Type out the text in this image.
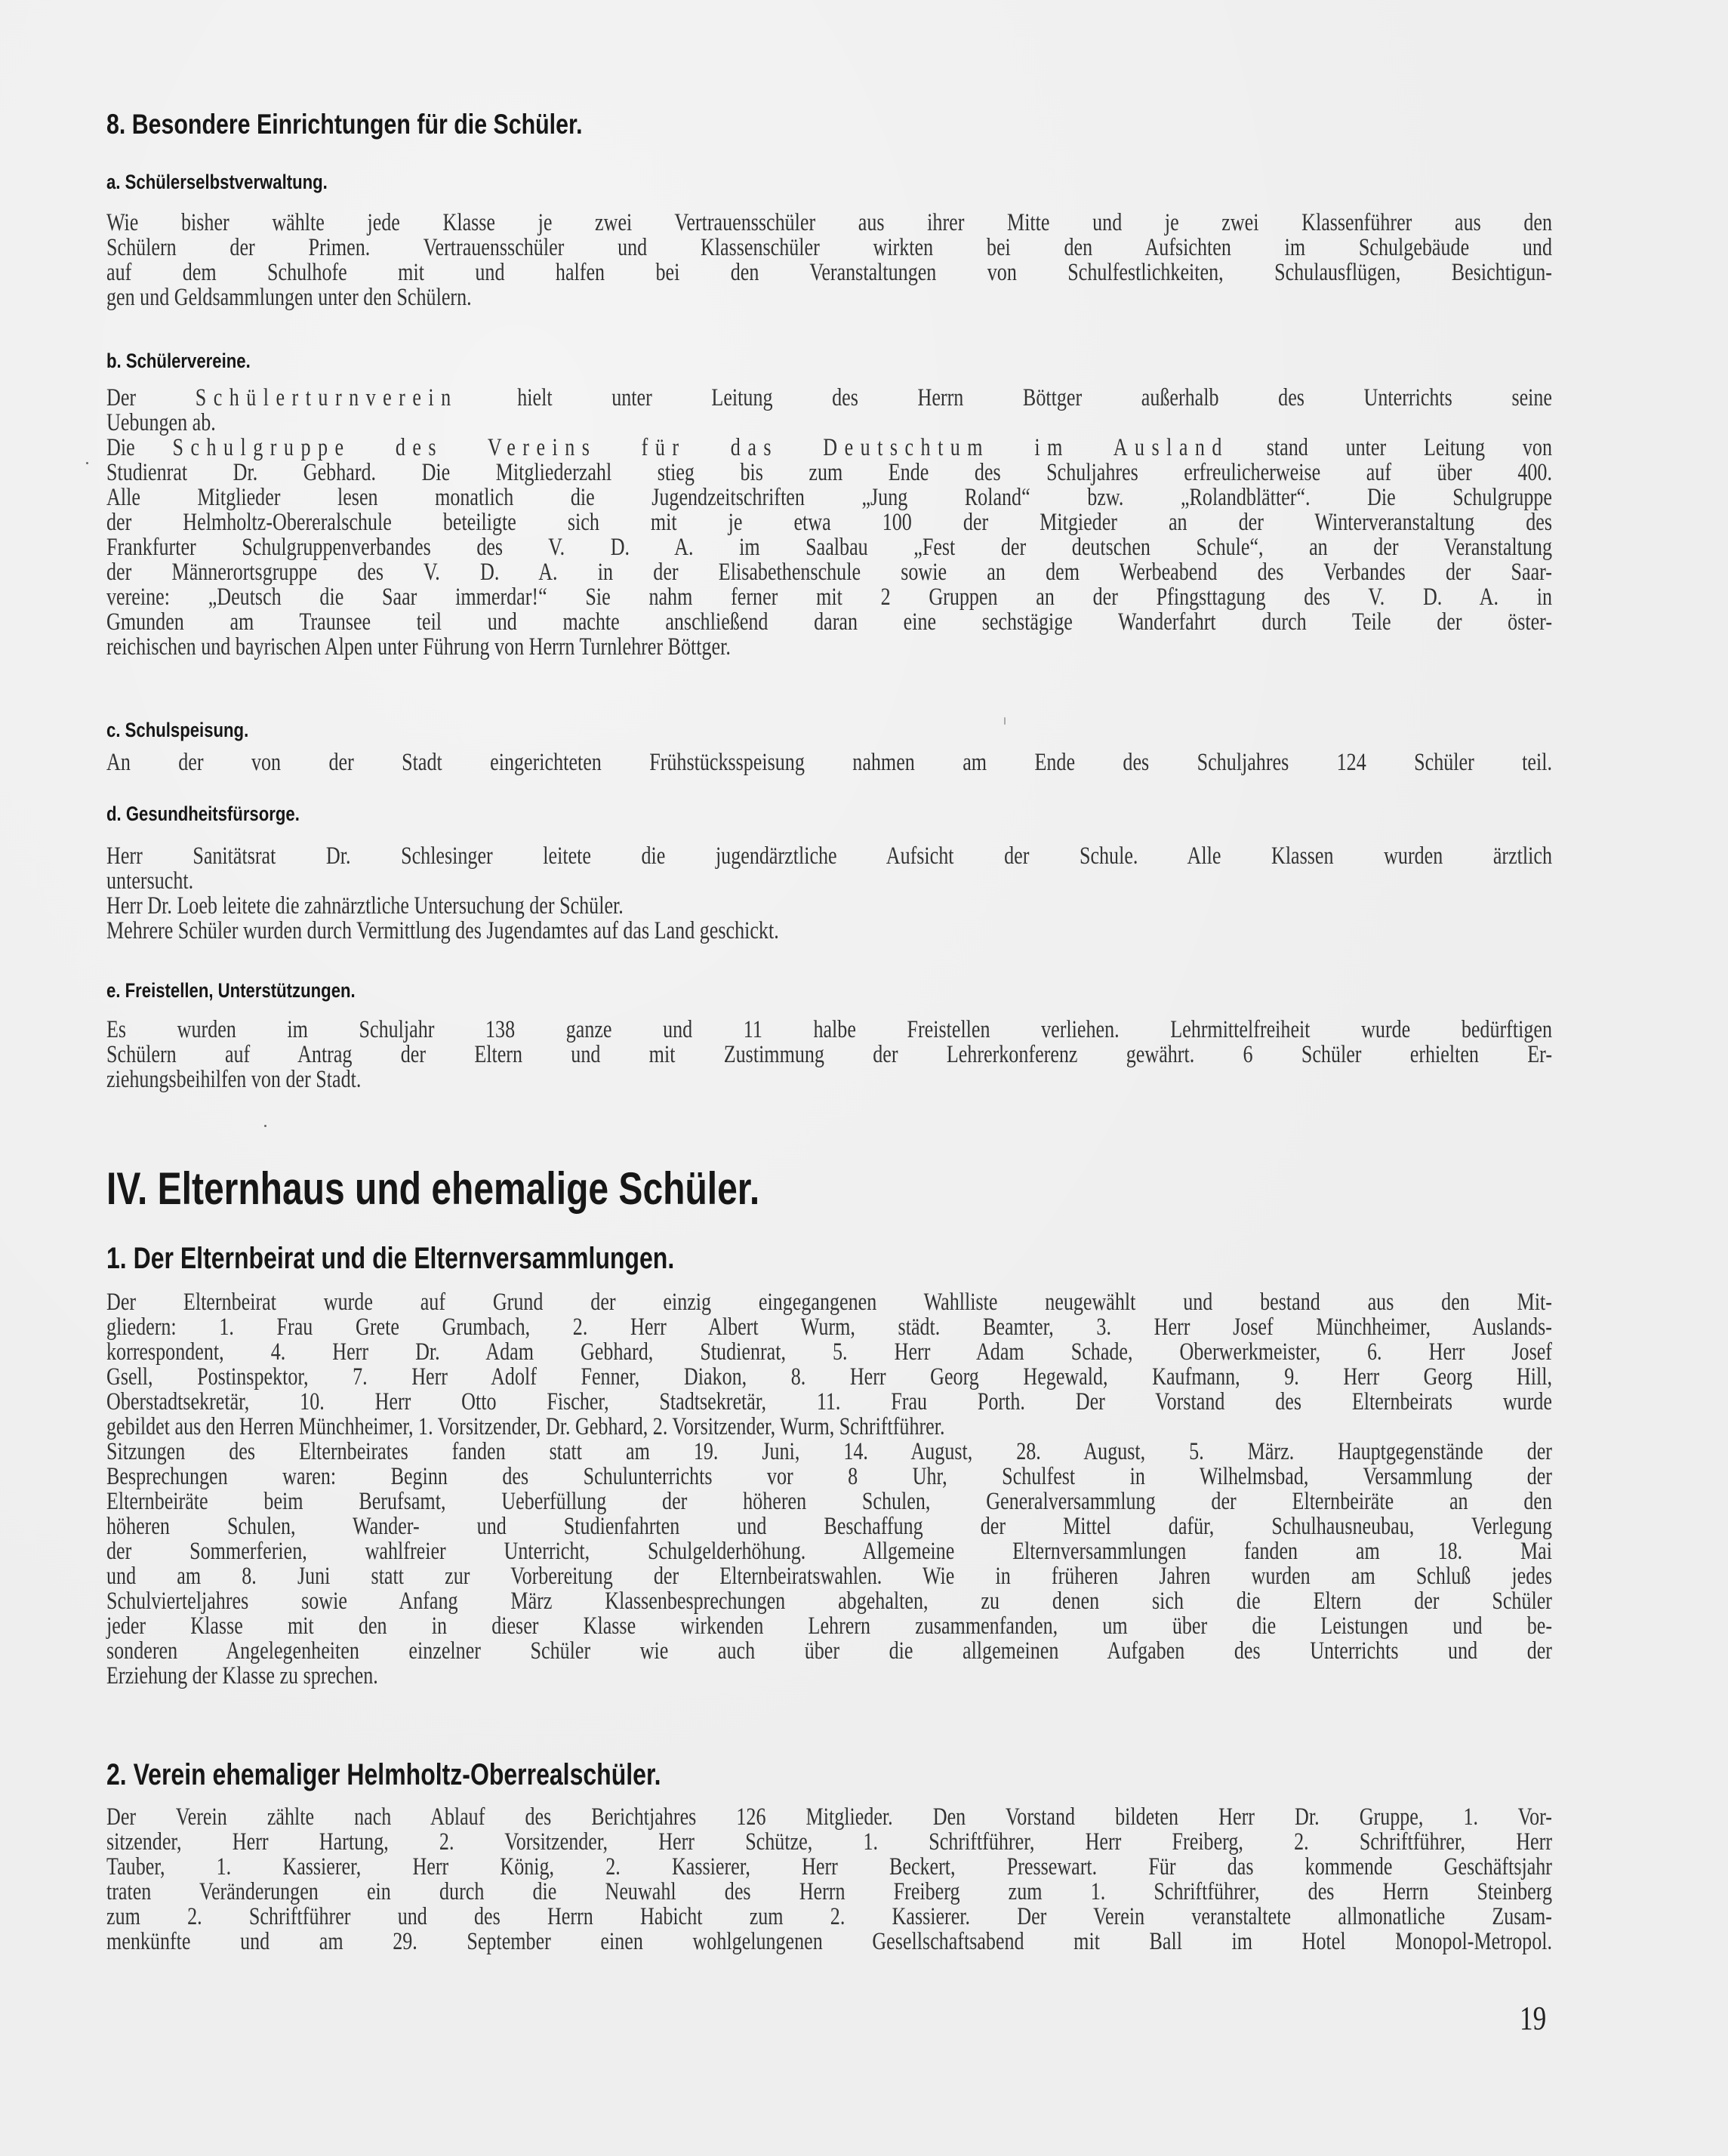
8. Besondere Einrichtungen für die Schüler.
a. Schülerselbstverwaltung.
Wie bisher wählte jede Klasse je zwei Vertrauensschüler aus ihrer Mitte und je zwei Klassenführer aus den
Schülern der Primen. Vertrauensschüler und Klassenschüler wirkten bei den Aufsichten im Schulgebäude und
auf dem Schulhofe mit und halfen bei den Veranstaltungen von Schulfestlichkeiten, Schulausflügen, Besichtigun-
gen und Geldsammlungen unter den Schülern.
b. Schülervereine.
Der Schülerturnverein hielt unter Leitung des Herrn Böttger außerhalb des Unterrichts seine
Uebungen ab.
Die Schulgruppe des Vereins für das Deutschtum im Ausland stand unter Leitung von
Studienrat Dr. Gebhard. Die Mitgliederzahl stieg bis zum Ende des Schuljahres erfreulicherweise auf über 400.
Alle Mitglieder lesen monatlich die Jugendzeitschriften „Jung Roland“ bzw. „Rolandblätter“. Die Schulgruppe
der Helmholtz-Obereralschule beteiligte sich mit je etwa 100 der Mitgieder an der Winterveranstaltung des
Frankfurter Schulgruppenverbandes des V. D. A. im Saalbau „Fest der deutschen Schule“, an der Veranstaltung
der Männerortsgruppe des V. D. A. in der Elisabethenschule sowie an dem Werbeabend des Verbandes der Saar-
vereine: „Deutsch die Saar immerdar!“ Sie nahm ferner mit 2 Gruppen an der Pfingsttagung des V. D. A. in
Gmunden am Traunsee teil und machte anschließend daran eine sechstägige Wanderfahrt durch Teile der öster-
reichischen und bayrischen Alpen unter Führung von Herrn Turnlehrer Böttger.
c. Schulspeisung.
An der von der Stadt eingerichteten Frühstücksspeisung nahmen am Ende des Schuljahres 124 Schüler teil.
d. Gesundheitsfürsorge.
Herr Sanitätsrat Dr. Schlesinger leitete die jugendärztliche Aufsicht der Schule. Alle Klassen wurden ärztlich
untersucht.
Herr Dr. Loeb leitete die zahnärztliche Untersuchung der Schüler.
Mehrere Schüler wurden durch Vermittlung des Jugendamtes auf das Land geschickt.
e. Freistellen, Unterstützungen.
Es wurden im Schuljahr 138 ganze und 11 halbe Freistellen verliehen. Lehrmittelfreiheit wurde bedürftigen
Schülern auf Antrag der Eltern und mit Zustimmung der Lehrerkonferenz gewährt. 6 Schüler erhielten Er-
ziehungsbeihilfen von der Stadt.
IV. Elternhaus und ehemalige Schüler.
1. Der Elternbeirat und die Elternversammlungen.
Der Elternbeirat wurde auf Grund der einzig eingegangenen Wahlliste neugewählt und bestand aus den Mit-
gliedern: 1. Frau Grete Grumbach, 2. Herr Albert Wurm, städt. Beamter, 3. Herr Josef Münchheimer, Auslands-
korrespondent, 4. Herr Dr. Adam Gebhard, Studienrat, 5. Herr Adam Schade, Oberwerkmeister, 6. Herr Josef
Gsell, Postinspektor, 7. Herr Adolf Fenner, Diakon, 8. Herr Georg Hegewald, Kaufmann, 9. Herr Georg Hill,
Oberstadtsekretär, 10. Herr Otto Fischer, Stadtsekretär, 11. Frau Porth. Der Vorstand des Elternbeirats wurde
gebildet aus den Herren Münchheimer, 1. Vorsitzender, Dr. Gebhard, 2. Vorsitzender, Wurm, Schriftführer.
Sitzungen des Elternbeirates fanden statt am 19. Juni, 14. August, 28. August, 5. März. Hauptgegenstände der
Besprechungen waren: Beginn des Schulunterrichts vor 8 Uhr, Schulfest in Wilhelmsbad, Versammlung der
Elternbeiräte beim Berufsamt, Ueberfüllung der höheren Schulen, Generalversammlung der Elternbeiräte an den
höheren Schulen, Wander- und Studienfahrten und Beschaffung der Mittel dafür, Schulhausneubau, Verlegung
der Sommerferien, wahlfreier Unterricht, Schulgelderhöhung. Allgemeine Elternversammlungen fanden am 18. Mai
und am 8. Juni statt zur Vorbereitung der Elternbeiratswahlen. Wie in früheren Jahren wurden am Schluß jedes
Schulvierteljahres sowie Anfang März Klassenbesprechungen abgehalten, zu denen sich die Eltern der Schüler
jeder Klasse mit den in dieser Klasse wirkenden Lehrern zusammenfanden, um über die Leistungen und be-
sonderen Angelegenheiten einzelner Schüler wie auch über die allgemeinen Aufgaben des Unterrichts und der
Erziehung der Klasse zu sprechen.
2. Verein ehemaliger Helmholtz-Oberrealschüler.
Der Verein zählte nach Ablauf des Berichtjahres 126 Mitglieder. Den Vorstand bildeten Herr Dr. Gruppe, 1. Vor-
sitzender, Herr Hartung, 2. Vorsitzender, Herr Schütze, 1. Schriftführer, Herr Freiberg, 2. Schriftführer, Herr
Tauber, 1. Kassierer, Herr König, 2. Kassierer, Herr Beckert, Pressewart. Für das kommende Geschäftsjahr
traten Veränderungen ein durch die Neuwahl des Herrn Freiberg zum 1. Schriftführer, des Herrn Steinberg
zum 2. Schriftführer und des Herrn Habicht zum 2. Kassierer. Der Verein veranstaltete allmonatliche Zusam-
menkünfte und am 29. September einen wohlgelungenen Gesellschaftsabend mit Ball im Hotel Monopol-Metropol.
19
